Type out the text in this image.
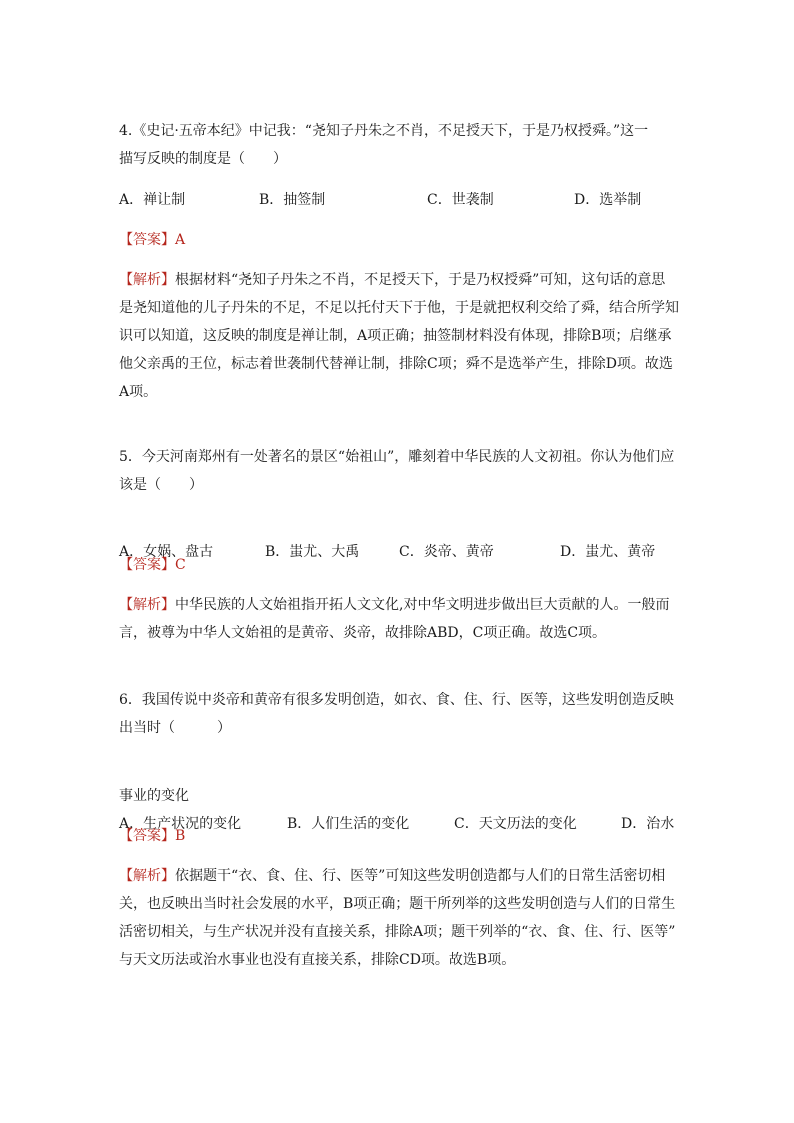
4.《史记·五帝本纪》中记我：“尧知子丹朱之不肖，不足授天下，于是乃权授舜。”这一
描写反映的制度是（　　）
A．禅让制	B．抽签制	C．世袭制	D．选举制
【答案】A
【解析】根据材料“尧知子丹朱之不肖，不足授天下，于是乃权授舜”可知，这句话的意思
是尧知道他的儿子丹朱的不足，不足以托付天下于他，于是就把权利交给了舜，结合所学知
识可以知道，这反映的制度是禅让制，A项正确；抽签制材料没有体现，排除B项；启继承
他父亲禹的王位，标志着世袭制代替禅让制，排除C项；舜不是选举产生，排除D项。故选
A项。
5．今天河南郑州有一处著名的景区“始祖山”，雕刻着中华民族的人文初祖。你认为他们应
该是（　　）
A．女娲、盘古	B．蚩尤、大禹	C．炎帝、黄帝	D．蚩尤、黄帝
【答案】C
【解析】中华民族的人文始祖指开拓人文文化,对中华文明进步做出巨大贡献的人。一般而
言，被尊为中华人文始祖的是黄帝、炎帝，故排除ABD，C项正确。故选C项。
6．我国传说中炎帝和黄帝有很多发明创造，如衣、食、住、行、医等，这些发明创造反映
出当时（　　　）
A．生产状况的变化	B．人们生活的变化	C．天文历法的变化	D．治水
事业的变化
【答案】B
【解析】依据题干“衣、食、住、行、医等”可知这些发明创造都与人们的日常生活密切相
关，也反映出当时社会发展的水平，B项正确；题干所列举的这些发明创造与人们的日常生
活密切相关，与生产状况并没有直接关系，排除A项；题干列举的“衣、食、住、行、医等”
与天文历法或治水事业也没有直接关系，排除CD项。故选B项。
